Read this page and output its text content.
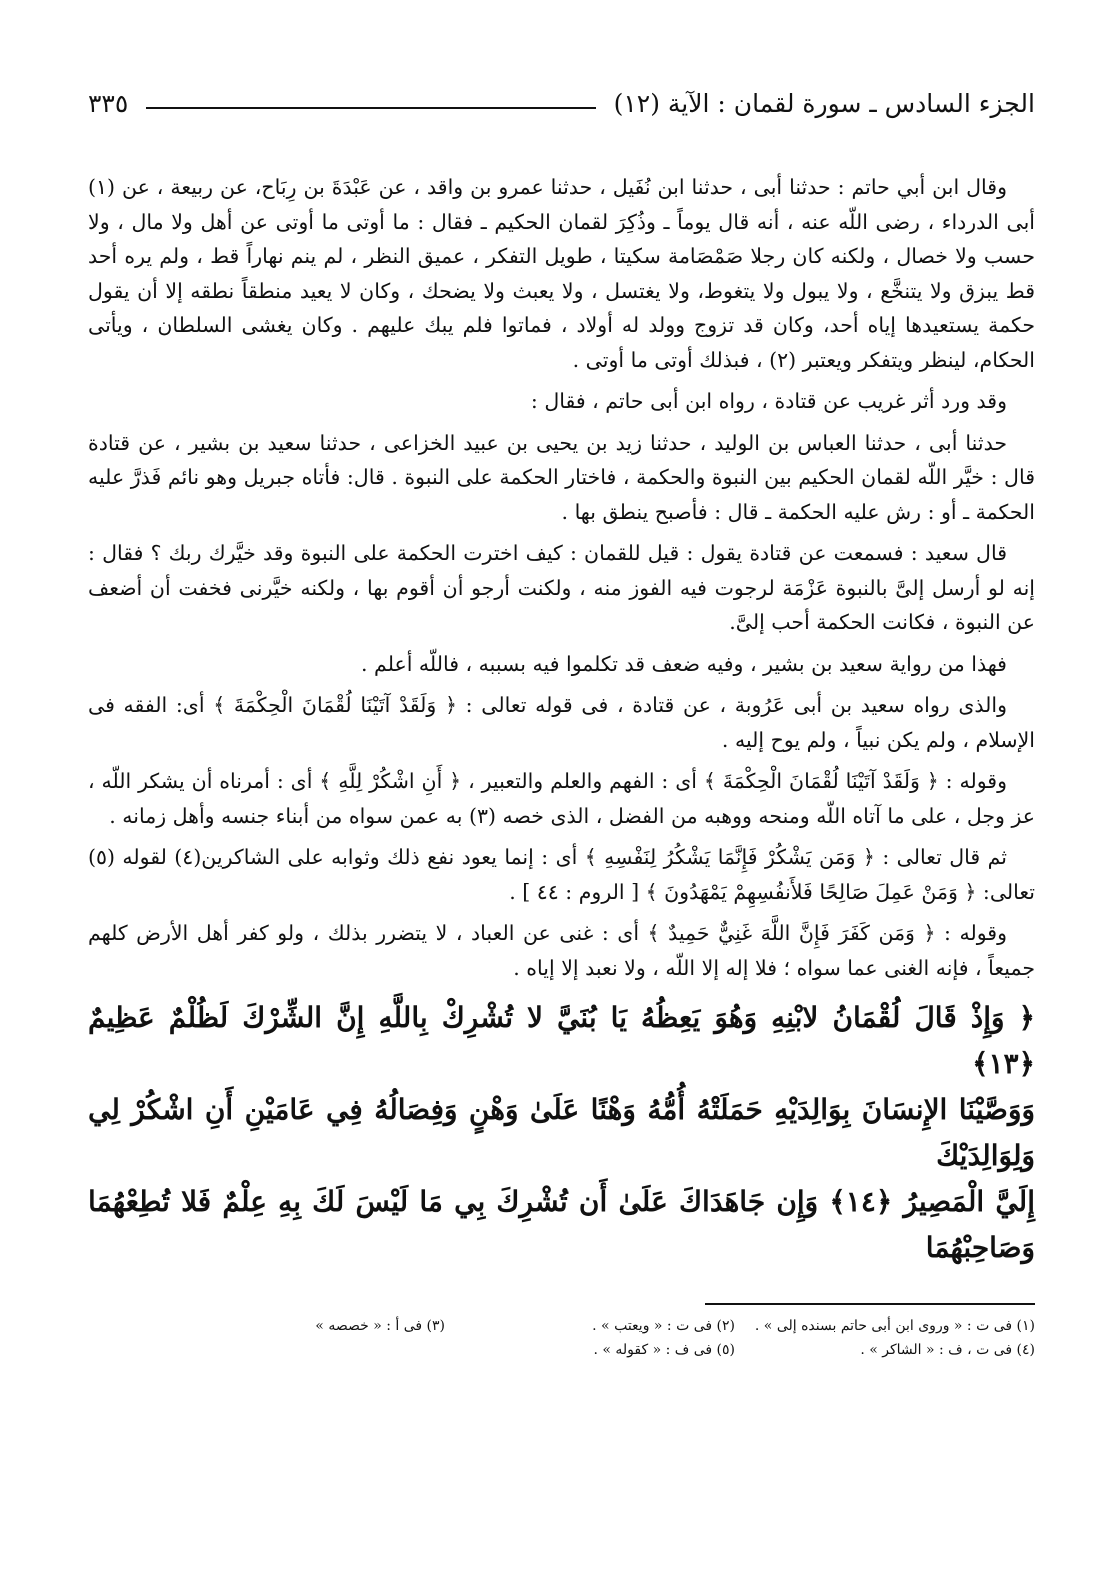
الجزء السادس ـ سورة لقمان : الآية (١٢)
٣٣٥

وقال ابن أبي حاتم : حدثنا أبى ، حدثنا ابن نُفَيل ، حدثنا عمرو بن واقد ، عن عَبْدَةَ بن رِبَاح، عن ربيعة ، عن (١) أبى الدرداء ، رضى اللّه عنه ، أنه قال يوماً ـ وذُكِرَ لقمان الحكيم ـ فقال : ما أوتى ما أوتى عن أهل ولا مال ، ولا حسب ولا خصال ، ولكنه كان رجلا صَمْصَامة سكيتا ، طويل التفكر ، عميق النظر ، لم ينم نهاراً قط ، ولم يره أحد قط يبزق ولا يتنخَّع ، ولا يبول ولا يتغوط، ولا يغتسل ، ولا يعبث ولا يضحك ، وكان لا يعيد منطقاً نطقه إلا أن يقول حكمة يستعيدها إياه أحد، وكان قد تزوج وولد له أولاد ، فماتوا فلم يبك عليهم . وكان يغشى السلطان ، ويأتى الحكام، لينظر ويتفكر ويعتبر (٢) ، فبذلك أوتى ما أوتى .

وقد ورد أثر غريب عن قتادة ، رواه ابن أبى حاتم ، فقال :

حدثنا أبى ، حدثنا العباس بن الوليد ، حدثنا زيد بن يحيى بن عبيد الخزاعى ، حدثنا سعيد بن بشير ، عن قتادة قال : خيَّر اللّه لقمان الحكيم بين النبوة والحكمة ، فاختار الحكمة على النبوة . قال: فأتاه جبريل وهو نائم فَذرَّ عليه الحكمة ـ أو : رش عليه الحكمة ـ قال : فأصبح ينطق بها .

قال سعيد : فسمعت عن قتادة يقول : قيل للقمان : كيف اخترت الحكمة على النبوة وقد خيَّرك ربك ؟ فقال : إنه لو أرسل إلىَّ بالنبوة عَزْمَة لرجوت فيه الفوز منه ، ولكنت أرجو أن أقوم بها ، ولكنه خيَّرنى فخفت أن أضعف عن النبوة ، فكانت الحكمة أحب إلىَّ.

فهذا من رواية سعيد بن بشير ، وفيه ضعف قد تكلموا فيه بسببه ، فاللّه أعلم .

والذى رواه سعيد بن أبى عَرُوبة ، عن قتادة ، فى قوله تعالى : ﴿ وَلَقَدْ آتَيْنَا لُقْمَانَ الْحِكْمَةَ ﴾ أى: الفقه فى الإسلام ، ولم يكن نبياً ، ولم يوح إليه .

وقوله : ﴿ وَلَقَدْ آتَيْنَا لُقْمَانَ الْحِكْمَةَ ﴾ أى : الفهم والعلم والتعبير ، ﴿ أَنِ اشْكُرْ لِلَّهِ ﴾ أى : أمرناه أن يشكر اللّه ، عز وجل ، على ما آتاه اللّه ومنحه ووهبه من الفضل ، الذى خصه (٣) به عمن سواه من أبناء جنسه وأهل زمانه .

ثم قال تعالى : ﴿ وَمَن يَشْكُرْ فَإِنَّمَا يَشْكُرُ لِنَفْسِهِ ﴾ أى : إنما يعود نفع ذلك وثوابه على الشاكرين(٤) لقوله (٥) تعالى: ﴿ وَمَنْ عَمِلَ صَالِحًا فَلأَنفُسِهِمْ يَمْهَدُونَ ﴾ [ الروم : ٤٤ ] .

وقوله : ﴿ وَمَن كَفَرَ فَإِنَّ اللَّهَ غَنِيٌّ حَمِيدٌ ﴾ أى : غنى عن العباد ، لا يتضرر بذلك ، ولو كفر أهل الأرض كلهم جميعاً ، فإنه الغنى عما سواه ؛ فلا إله إلا اللّه ، ولا نعبد إلا إياه .

﴿ وَإِذْ قَالَ لُقْمَانُ لابْنِهِ وَهُوَ يَعِظُهُ يَا بُنَيَّ لا تُشْرِكْ بِاللَّهِ إِنَّ الشِّرْكَ لَظُلْمٌ عَظِيمٌ ﴿١٣﴾

وَوَصَّيْنَا الإِنسَانَ بِوَالِدَيْهِ حَمَلَتْهُ أُمُّهُ وَهْنًا عَلَىٰ وَهْنٍ وَفِصَالُهُ فِي عَامَيْنِ أَنِ اشْكُرْ لِي وَلِوَالِدَيْكَ

إِلَيَّ الْمَصِيرُ ﴿١٤﴾ وَإِن جَاهَدَاكَ عَلَىٰ أَن تُشْرِكَ بِي مَا لَيْسَ لَكَ بِهِ عِلْمٌ فَلا تُطِعْهُمَا وَصَاحِبْهُمَا

(١) فى ت : « وروى ابن أبى حاتم بسنده إلى » .
(٢) فى ت : « ويعتب » .
(٣) فى أ : « خصصه »
(٤) فى ت ، ف : « الشاكر » .
(٥) فى ف : « كقوله » .
